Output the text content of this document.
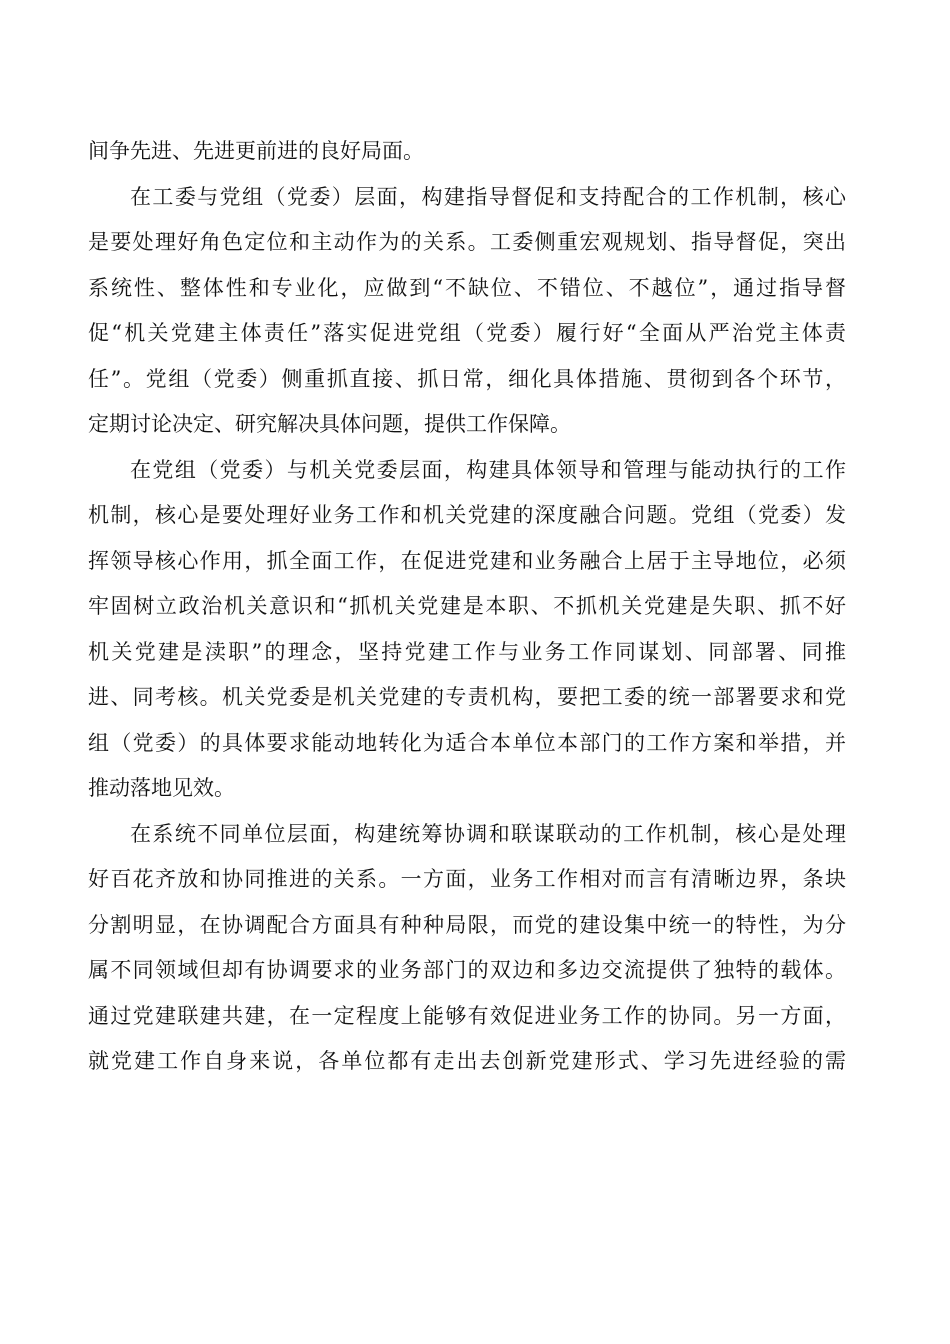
间争先进、先进更前进的良好局面。
在工委与党组（党委）层面，构建指导督促和支持配合的工作机制，核心
是要处理好角色定位和主动作为的关系。工委侧重宏观规划、指导督促，突出
系统性、整体性和专业化，应做到“不缺位、不错位、不越位”，通过指导督
促“机关党建主体责任”落实促进党组（党委）履行好“全面从严治党主体责
任”。党组（党委）侧重抓直接、抓日常，细化具体措施、贯彻到各个环节，
定期讨论决定、研究解决具体问题，提供工作保障。
在党组（党委）与机关党委层面，构建具体领导和管理与能动执行的工作
机制，核心是要处理好业务工作和机关党建的深度融合问题。党组（党委）发
挥领导核心作用，抓全面工作，在促进党建和业务融合上居于主导地位，必须
牢固树立政治机关意识和“抓机关党建是本职、不抓机关党建是失职、抓不好
机关党建是渎职”的理念，坚持党建工作与业务工作同谋划、同部署、同推
进、同考核。机关党委是机关党建的专责机构，要把工委的统一部署要求和党
组（党委）的具体要求能动地转化为适合本单位本部门的工作方案和举措，并
推动落地见效。
在系统不同单位层面，构建统筹协调和联谋联动的工作机制，核心是处理
好百花齐放和协同推进的关系。一方面，业务工作相对而言有清晰边界，条块
分割明显，在协调配合方面具有种种局限，而党的建设集中统一的特性，为分
属不同领域但却有协调要求的业务部门的双边和多边交流提供了独特的载体。
通过党建联建共建，在一定程度上能够有效促进业务工作的协同。另一方面，
就党建工作自身来说，各单位都有走出去创新党建形式、学习先进经验的需
